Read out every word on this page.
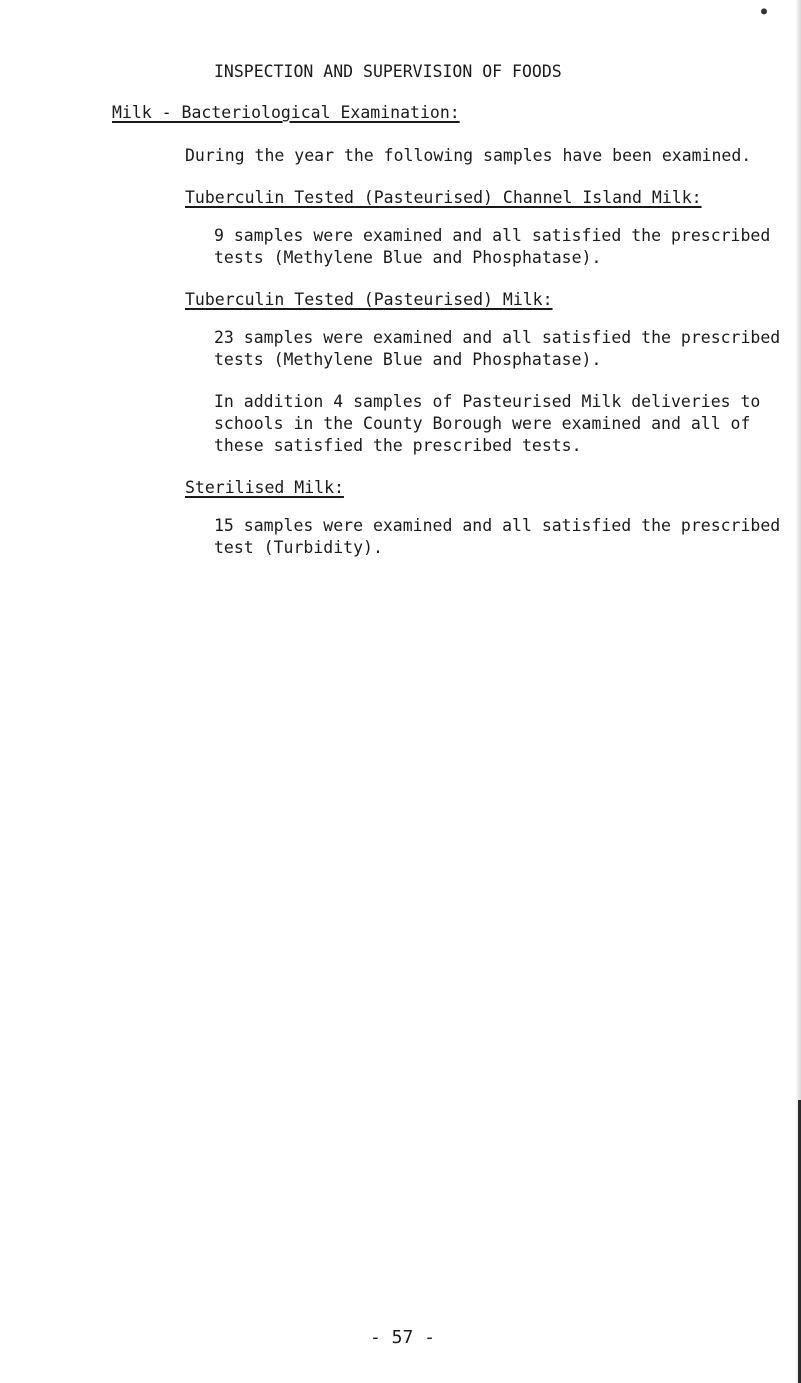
●
INSPECTION AND SUPERVISION OF FOODS
Milk - Bacteriological Examination:
During the year the following samples have been examined.
Tuberculin Tested (Pasteurised) Channel Island Milk:
9 samples were examined and all satisfied the prescribed
tests (Methylene Blue and Phosphatase).
Tuberculin Tested (Pasteurised) Milk:
23 samples were examined and all satisfied the prescribed
tests (Methylene Blue and Phosphatase).
In addition 4 samples of Pasteurised Milk deliveries to
schools in the County Borough were examined and all of
these satisfied the prescribed tests.
Sterilised Milk:
15 samples were examined and all satisfied the prescribed
test (Turbidity).
- 57 -
